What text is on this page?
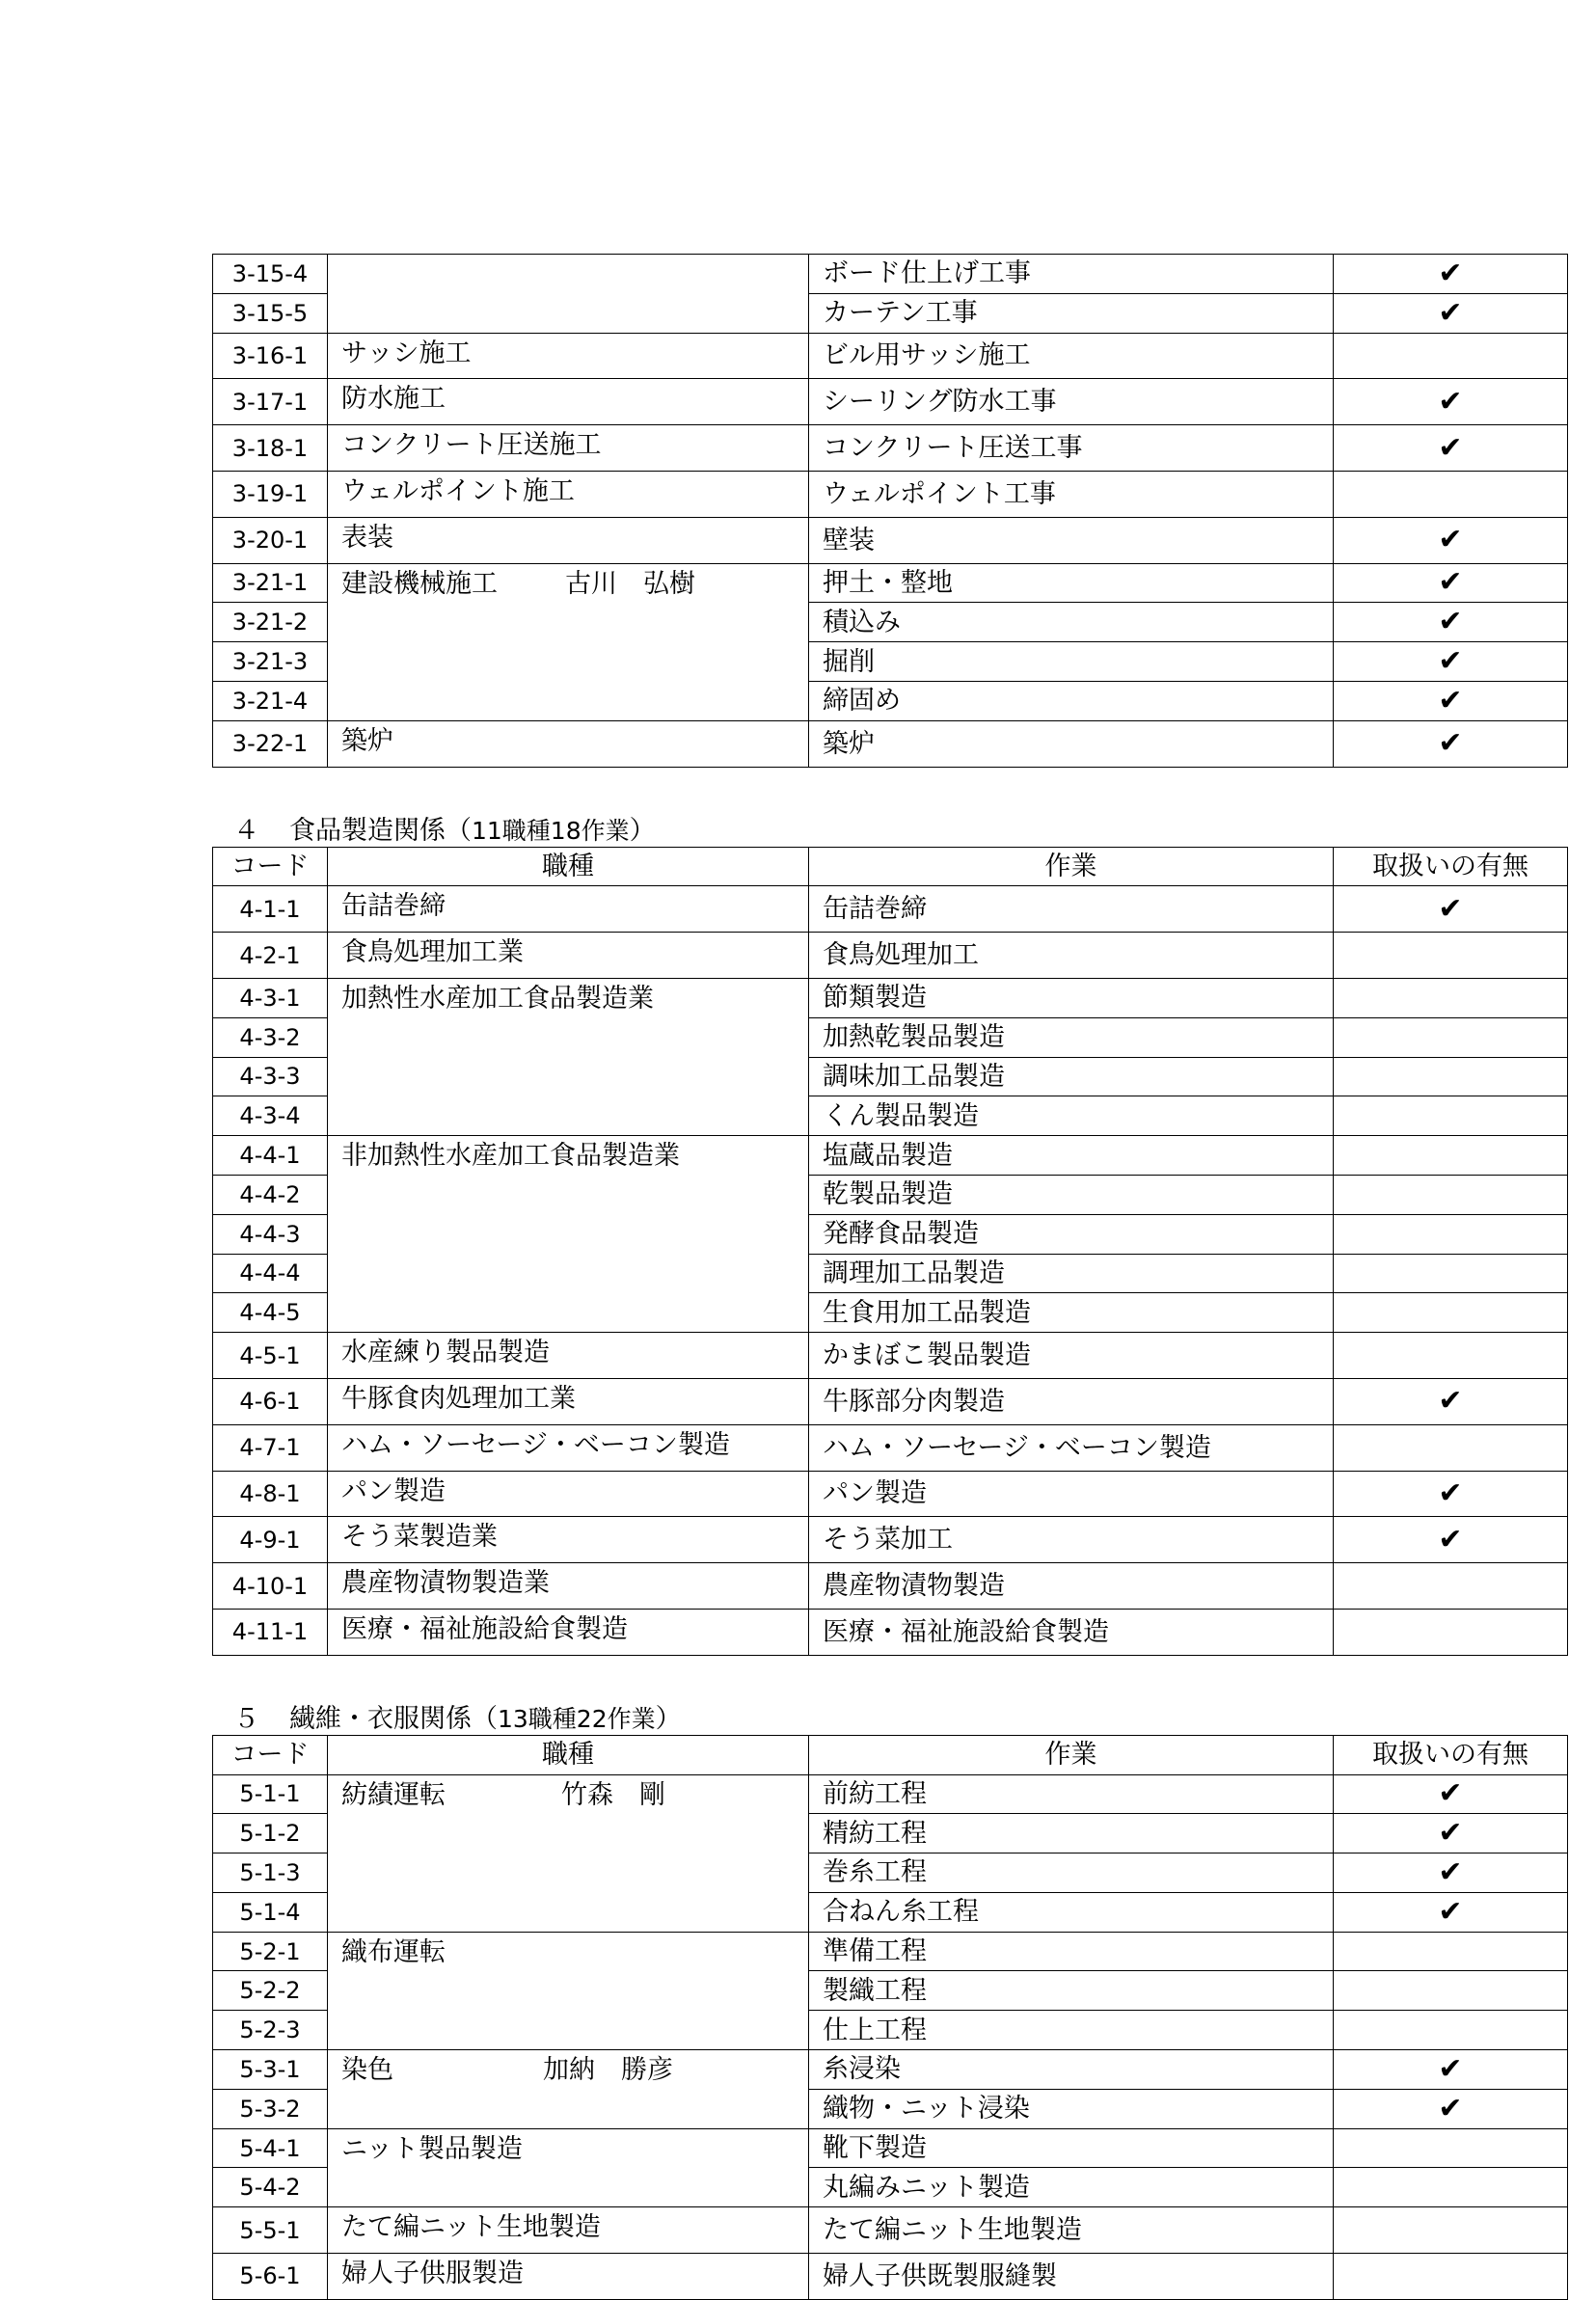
3-15-4		ボード仕上げ工事	✔
3-15-5		カーテン工事	✔
3-16-1	サッシ施工	ビル用サッシ施工	
3-17-1	防水施工	シーリング防水工事	✔
3-18-1	コンクリート圧送施工	コンクリート圧送工事	✔
3-19-1	ウェルポイント施工	ウェルポイント工事	
3-20-1	表装	壁装	✔
3-21-1	建設機械施工 古川　弘樹	押土・整地	✔
3-21-2		積込み	✔
3-21-3		掘削	✔
3-21-4		締固め	✔
3-22-1	築炉	築炉	✔
４	食品製造関係（ 11職種18作業 ）
コード	職種	作業	取扱いの有無
4-1-1	缶詰巻締	缶詰巻締	✔
4-2-1	食鳥処理加工業	食鳥処理加工	
4-3-1	加熱性水産加工食品製造業	節類製造	
4-3-2		加熱乾製品製造	
4-3-3		調味加工品製造	
4-3-4		くん製品製造	
4-4-1	非加熱性水産加工食品製造業	塩蔵品製造	
4-4-2		乾製品製造	
4-4-3		発酵食品製造	
4-4-4		調理加工品製造	
4-4-5		生食用加工品製造	
4-5-1	水産練り製品製造	かまぼこ製品製造	
4-6-1	牛豚食肉処理加工業	牛豚部分肉製造	✔
4-7-1	ハム・ソーセージ・ベーコン製造	ハム・ソーセージ・ベーコン製造	
4-8-1	パン製造	パン製造	✔
4-9-1	そう菜製造業	そう菜加工	✔
4-10-1	農産物漬物製造業	農産物漬物製造	
4-11-1	医療・福祉施設給食製造	医療・福祉施設給食製造	
５	繊維・衣服関係（ 13職種22作業 ）
コード	職種	作業	取扱いの有無
5-1-1	紡績運転 竹森　剛	前紡工程	✔
5-1-2		精紡工程	✔
5-1-3		巻糸工程	✔
5-1-4		合ねん糸工程	✔
5-2-1	織布運転	準備工程	
5-2-2		製織工程	
5-2-3		仕上工程	
5-3-1	染色 加納　勝彦	糸浸染	✔
5-3-2		織物・ニット浸染	✔
5-4-1	ニット製品製造	靴下製造	
5-4-2		丸編みニット製造	
5-5-1	たて編ニット生地製造	たて編ニット生地製造	
5-6-1	婦人子供服製造	婦人子供既製服縫製	
